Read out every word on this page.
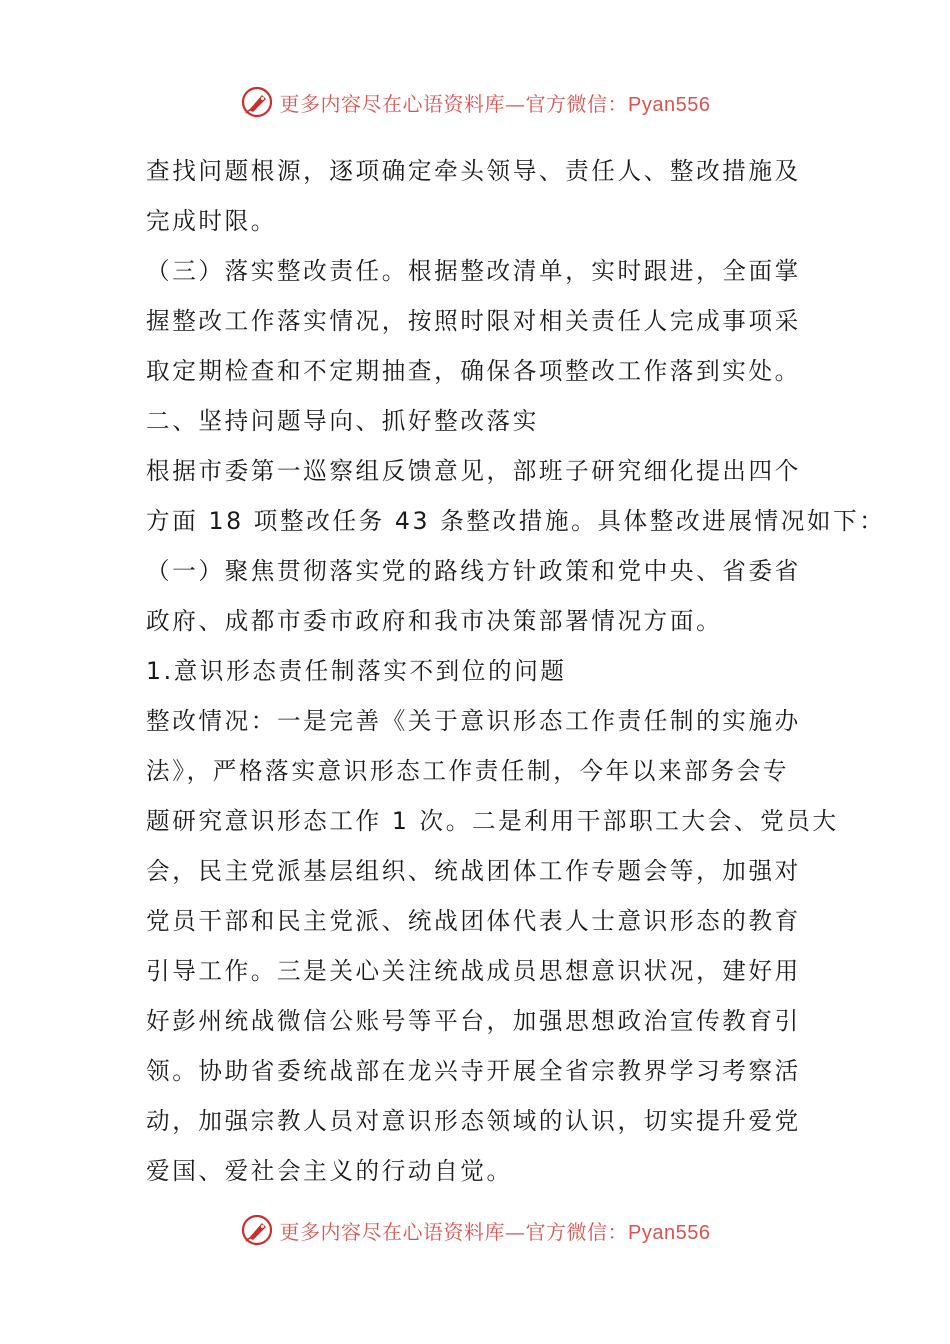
更多内容尽在心语资料库—官方微信：Pyan556

查找问题根源，逐项确定牵头领导、责任人、整改措施及

完成时限。

（三）落实整改责任。根据整改清单，实时跟进，全面掌

握整改工作落实情况，按照时限对相关责任人完成事项采

取定期检查和不定期抽查，确保各项整改工作落到实处。

二、坚持问题导向、抓好整改落实

根据市委第一巡察组反馈意见，部班子研究细化提出四个

方面 18 项整改任务 43 条整改措施。具体整改进展情况如下：

（一）聚焦贯彻落实党的路线方针政策和党中央、省委省

政府、成都市委市政府和我市决策部署情况方面。

1.意识形态责任制落实不到位的问题

整改情况：一是完善《关于意识形态工作责任制的实施办

法》，严格落实意识形态工作责任制，今年以来部务会专

题研究意识形态工作 1 次。二是利用干部职工大会、党员大

会，民主党派基层组织、统战团体工作专题会等，加强对

党员干部和民主党派、统战团体代表人士意识形态的教育

引导工作。三是关心关注统战成员思想意识状况，建好用

好彭州统战微信公账号等平台，加强思想政治宣传教育引

领。协助省委统战部在龙兴寺开展全省宗教界学习考察活

动，加强宗教人员对意识形态领域的认识，切实提升爱党

爱国、爱社会主义的行动自觉。

更多内容尽在心语资料库—官方微信：Pyan556
